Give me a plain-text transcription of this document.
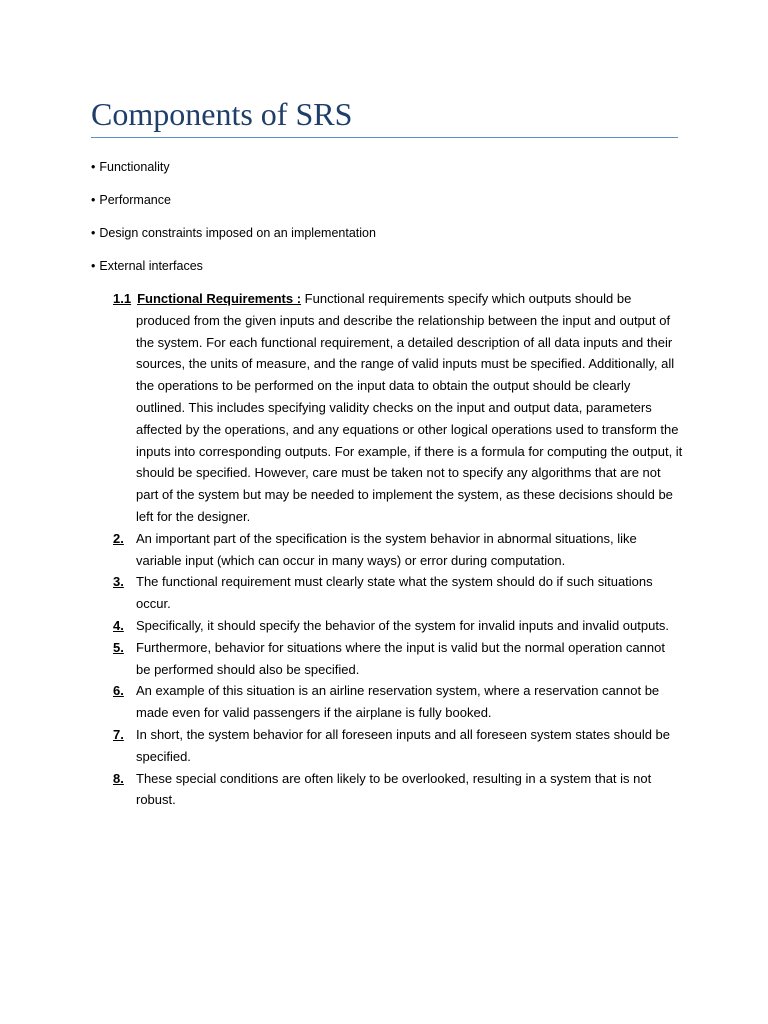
Components of SRS
• Functionality
• Performance
• Design constraints imposed on an implementation
• External interfaces
1.1 Functional Requirements : Functional requirements specify which outputs should be produced from the given inputs and describe the relationship between the input and output of the system. For each functional requirement, a detailed description of all data inputs and their sources, the units of measure, and the range of valid inputs must be specified. Additionally, all the operations to be performed on the input data to obtain the output should be clearly outlined. This includes specifying validity checks on the input and output data, parameters affected by the operations, and any equations or other logical operations used to transform the inputs into corresponding outputs. For example, if there is a formula for computing the output, it should be specified. However, care must be taken not to specify any algorithms that are not part of the system but may be needed to implement the system, as these decisions should be left for the designer.
2. An important part of the specification is the system behavior in abnormal situations, like variable input (which can occur in many ways) or error during computation.
3. The functional requirement must clearly state what the system should do if such situations occur.
4. Specifically, it should specify the behavior of the system for invalid inputs and invalid outputs.
5. Furthermore, behavior for situations where the input is valid but the normal operation cannot be performed should also be specified.
6. An example of this situation is an airline reservation system, where a reservation cannot be made even for valid passengers if the airplane is fully booked.
7. In short, the system behavior for all foreseen inputs and all foreseen system states should be specified.
8. These special conditions are often likely to be overlooked, resulting in a system that is not robust.
